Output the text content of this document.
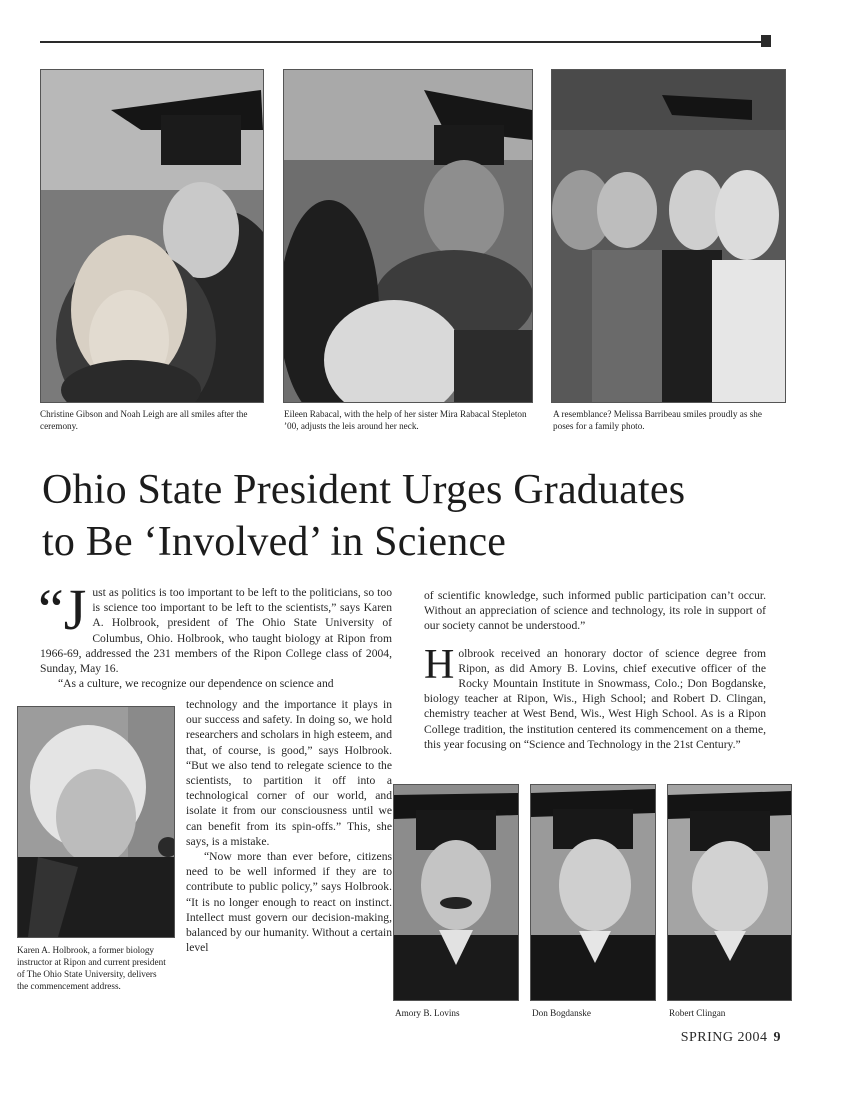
Christine Gibson and Noah Leigh are all smiles after the ceremony.
Eileen Rabacal, with the help of her sister Mira Rabacal Stepleton ’00, adjusts the leis around her neck.
A resemblance? Melissa Barribeau smiles proudly as she poses for a family photo.
Ohio State President Urges Graduates
to Be ‘Involved’ in Science
“J ust as politics is too important to be left to the politicians, so too is science too important to be left to the scientists,” says Karen A. Holbrook, president of The Ohio State University of Columbus, Ohio. Holbrook, who taught biology at Ripon from 1966-69, addressed the 231 members of the Ripon College class of 2004, Sunday, May 16.

“As a culture, we recognize our dependence on science and

Karen A. Holbrook, a former biology instructor at Ripon and current president of The Ohio State University, delivers the commencement address.

technology and the importance it plays in our success and safety. In doing so, we hold researchers and scholars in high esteem, and that, of course, is good,” says Holbrook. “But we also tend to relegate science to the scientists, to partition it off into a technological corner of our world, and isolate it from our consciousness until we can benefit from its spin-offs.” This, she says, is a mistake.

“Now more than ever before, citizens need to be well informed if they are to contribute to public policy,” says Holbrook. “It is no longer enough to react on instinct. Intellect must govern our decision-making, balanced by our humanity. Without a certain level

of scientific knowledge, such informed public participation can’t occur. Without an appreciation of science and technology, its role in support of our society cannot be understood.”

H olbrook received an honorary doctor of science degree from Ripon, as did Amory B. Lovins, chief executive officer of the Rocky Mountain Institute in Snowmass, Colo.; Don Bogdanske, biology teacher at Ripon, Wis., High School; and Robert D. Clingan, chemistry teacher at West Bend, Wis., West High School. As is a Ripon College tradition, the institution centered its commencement on a theme, this year focusing on “Science and Technology in the 21st Century.”

Amory B. Lovins	Don Bogdanske	Robert Clingan
SPRING 2004 9
